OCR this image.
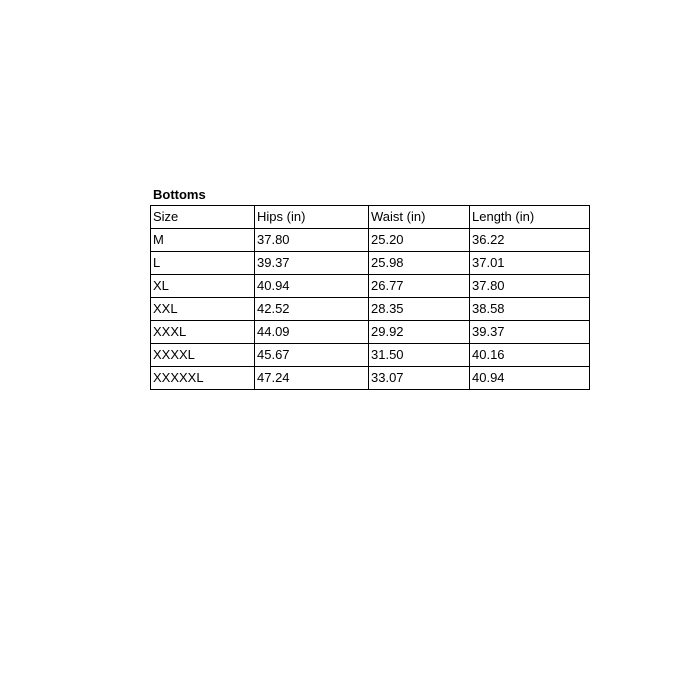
Bottoms
Size	Hips (in)	Waist (in)	Length (in)
M	37.80	25.20	36.22
L	39.37	25.98	37.01
XL	40.94	26.77	37.80
XXL	42.52	28.35	38.58
XXXL	44.09	29.92	39.37
XXXXL	45.67	31.50	40.16
XXXXXL	47.24	33.07	40.94
